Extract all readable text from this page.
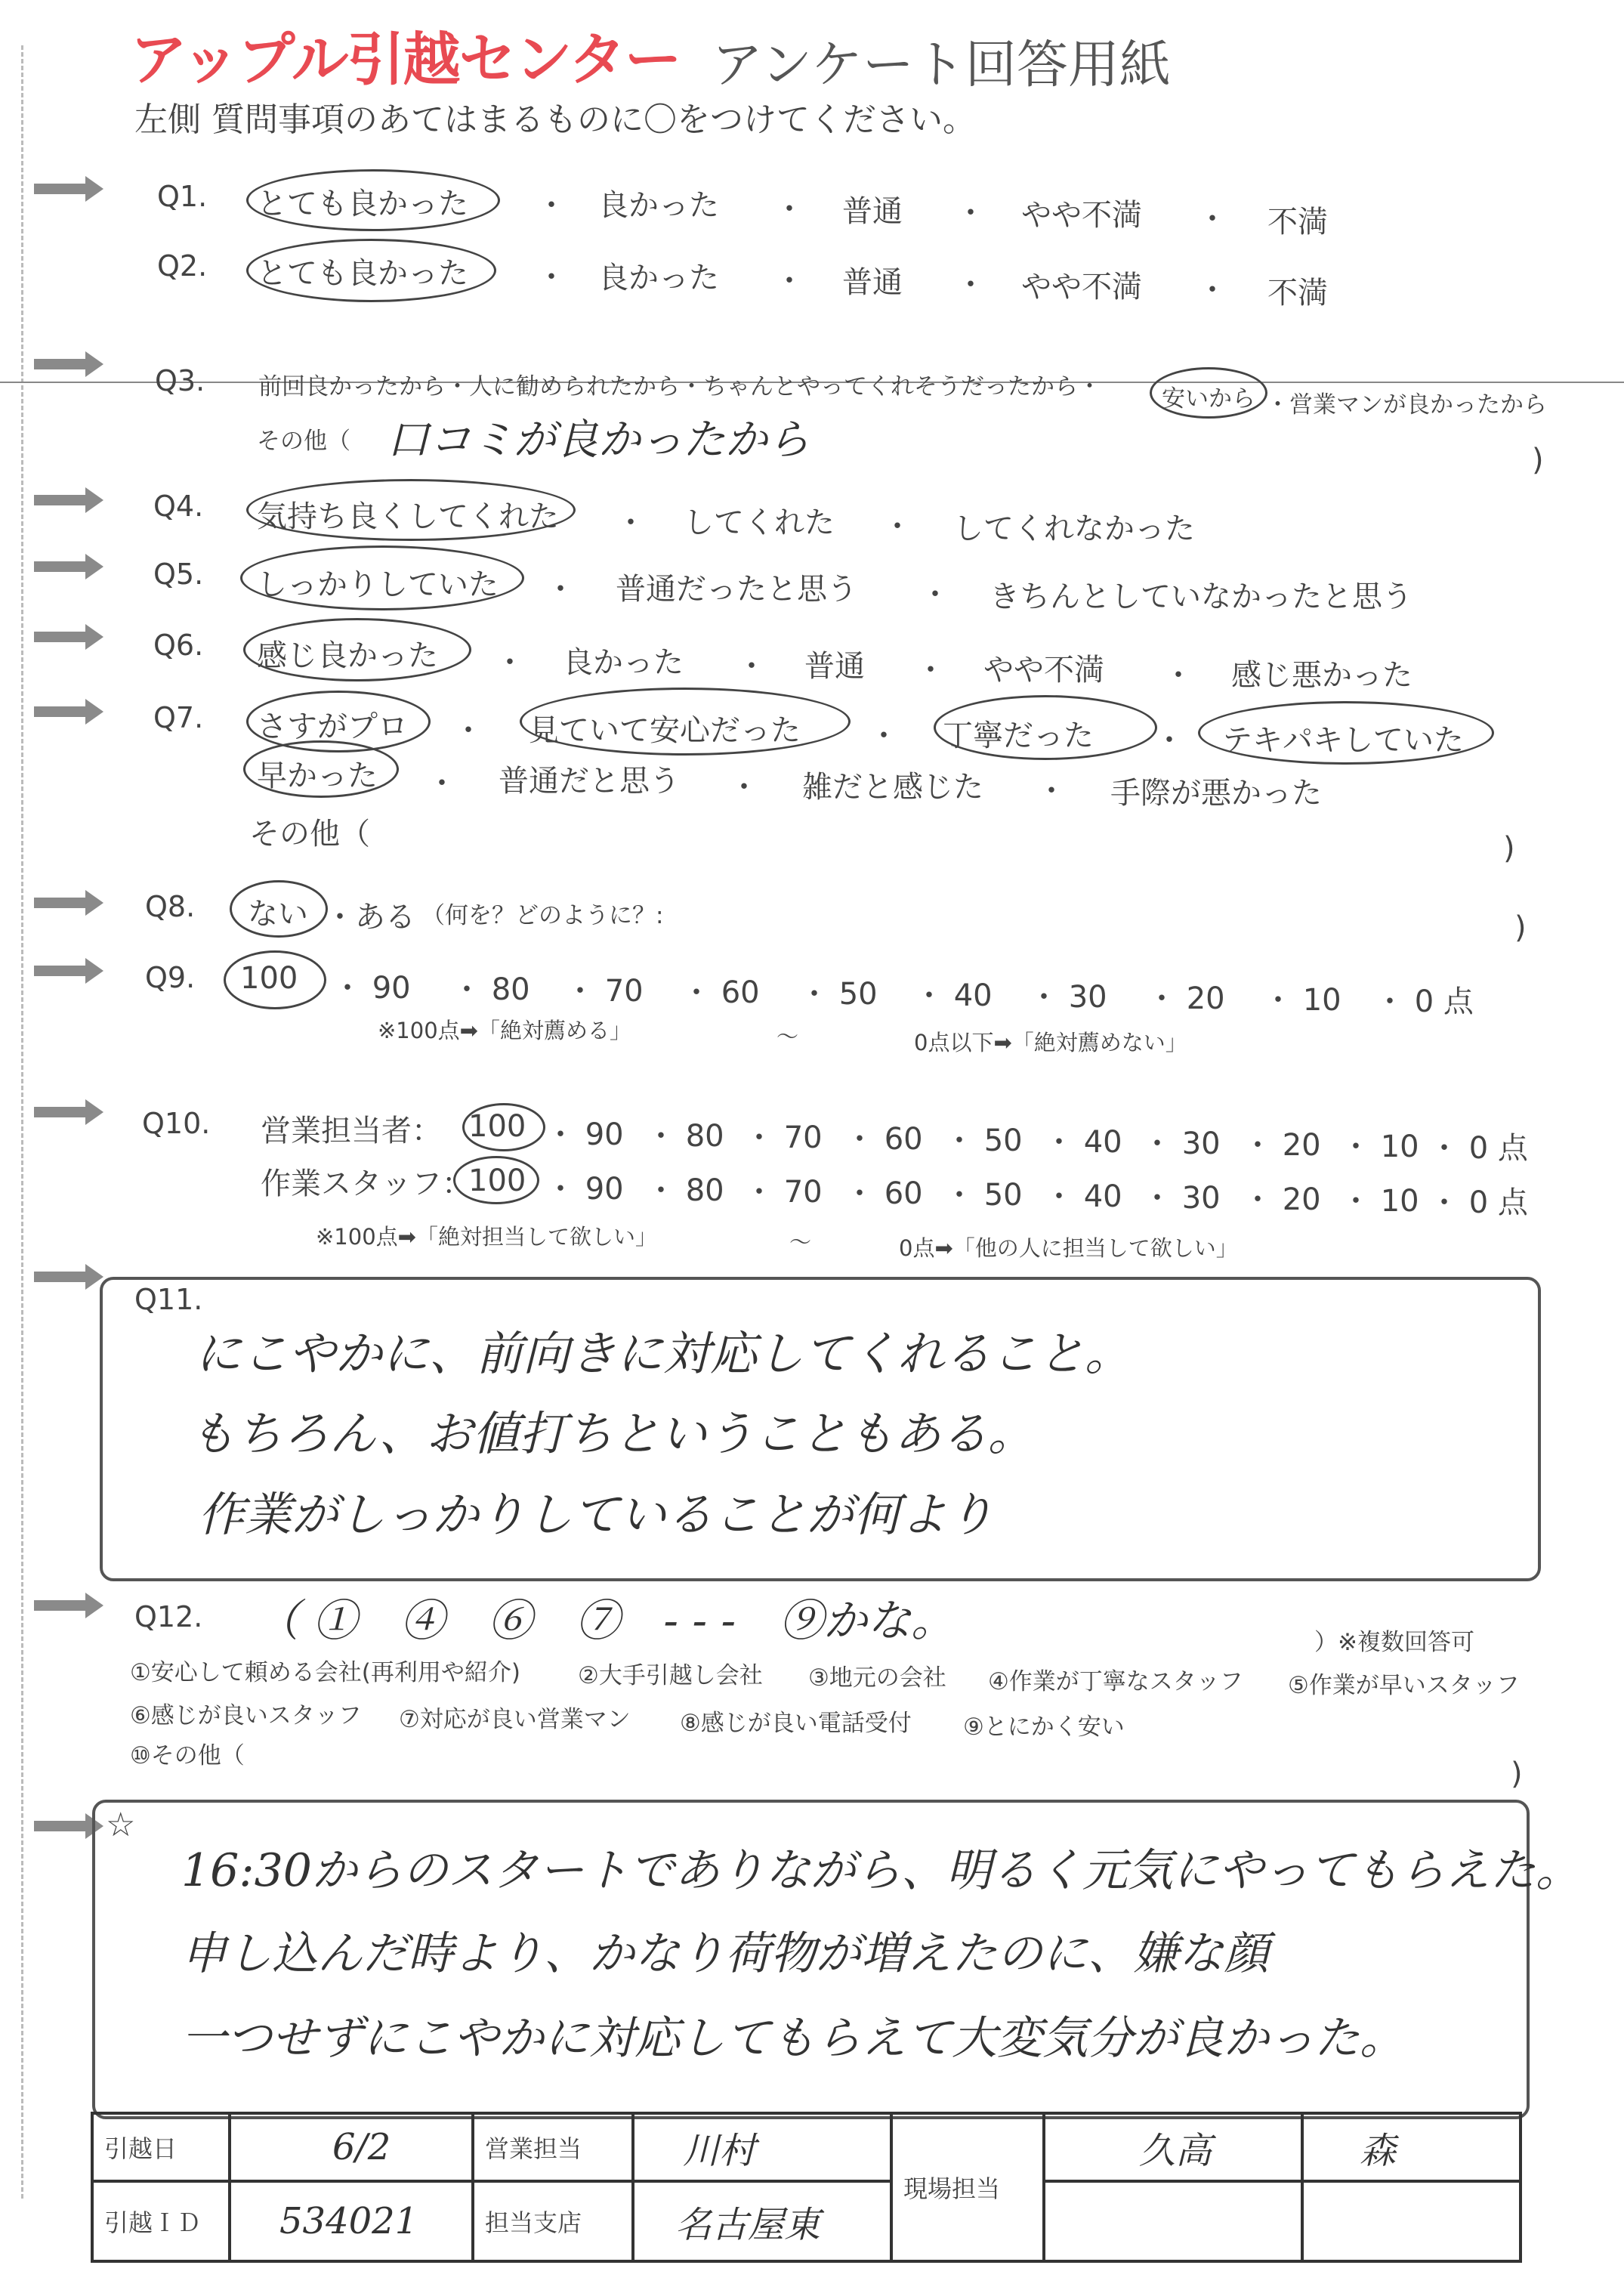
アップル引越センター アンケート回答用紙
左側 質問事項のあてはまるものに〇をつけてください。
Q1. とても良かった ・ 良かった ・ 普通 ・ やや不満 ・ 不満
Q2. とても良かった ・ 良かった ・ 普通 ・ やや不満 ・ 不満
Q3. 前回良かったから・人に勧められたから・ちゃんとやってくれそうだったから・	安いから ・営業マンが良かったから
その他（ 口コミが良かったから	)
Q4. 気持ち良くしてくれた ・ してくれた ・ してくれなかった
Q5. しっかりしていた ・ 普通だったと思う ・ きちんとしていなかったと思う
Q6. 感じ良かった ・ 良かった ・ 普通 ・ やや不満 ・ 感じ悪かった
Q7. さすがプロ ・ 見ていて安心だった ・ 丁寧だった ・ テキパキしていた
早かった ・ 普通だと思う ・ 雑だと感じた ・ 手際が悪かった
その他（	)
Q8. ない ・ある （何を？どのように？:	)
Q9. 100 ・ 90 ・ 80 ・ 70 ・ 60 ・ 50 ・ 40 ・ 30 ・ 20 ・ 10 ・ 0 点
※100点➡「絶対薦める」	～	0点以下➡「絶対薦めない」
Q10. 営業担当者： 100 ・ 90 ・ 80 ・ 70 ・ 60 ・ 50 ・ 40 ・ 30 ・ 20 ・ 10 ・ 0 点
作業スタッフ：
100 ・ 90 ・ 80 ・ 70 ・ 60 ・ 50 ・ 40 ・ 30 ・ 20 ・ 10 ・ 0 点
※100点➡「絶対担当して欲しい」	～	0点➡「他の人に担当して欲しい」
Q11.
にこやかに、前向きに対応してくれること。
もちろん、お値打ちということもある。
作業がしっかりしていることが何より
Q12. （ ①　④　⑥　⑦　- - -　⑨かな。	）※複数回答可
①安心して頼める会社(再利用や紹介) ②大手引越し会社 ③地元の会社 ④作業が丁寧なスタッフ ⑤作業が早いスタッフ
⑥感じが良いスタッフ ⑦対応が良い営業マン ⑧感じが良い電話受付 ⑨とにかく安い
⑩その他（
)
☆
16:30からのスタートでありながら、明るく元気にやってもらえた。
申し込んだ時より、かなり荷物が増えたのに、嫌な顔
一つせずにこやかに対応してもらえて大変気分が良かった。
引越日	6/2	営業担当	川村	現場担当	久高	森
引越ＩＤ	534021	担当支店	名古屋東			
